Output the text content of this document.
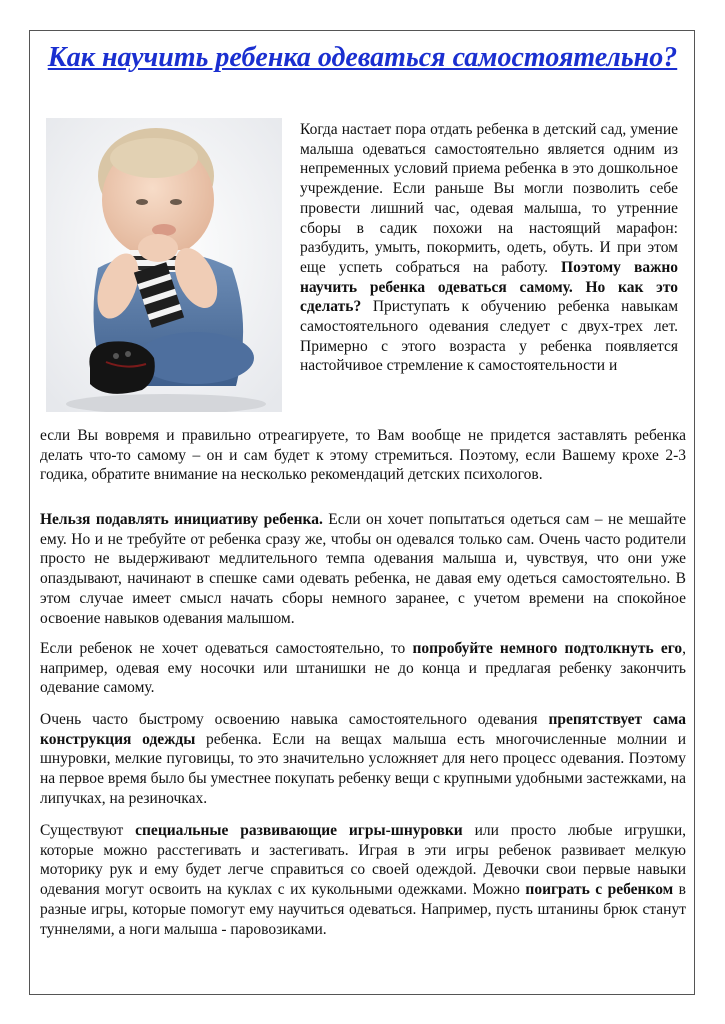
Как научить ребенка одеваться самостоятельно?

Когда настает пора отдать ребенка в детский сад, умение малыша одеваться самостоятельно является одним из непременных условий приема ребенка в это дошкольное учреждение. Если раньше Вы могли позволить себе провести лишний час, одевая малыша, то утренние сборы в садик похожи на настоящий марафон: разбудить, умыть, покормить, одеть, обуть. И при этом еще успеть собраться на работу. Поэтому важно научить ребенка одеваться самому. Но как это сделать? Приступать к обучению ребенка навыкам самостоятельного одевания следует с двух-трех лет. Примерно с этого возраста у ребенка появляется настойчивое стремление к самостоятельности и

если Вы вовремя и правильно отреагируете, то Вам вообще не придется заставлять ребенка делать что-то самому – он и сам будет к этому стремиться. Поэтому, если Вашему крохе 2-3 годика, обратите внимание на несколько рекомендаций детских психологов.

Нельзя подавлять инициативу ребенка. Если он хочет попытаться одеться сам – не мешайте ему. Но и не требуйте от ребенка сразу же, чтобы он одевался только сам. Очень часто родители просто не выдерживают медлительного темпа одевания малыша и, чувствуя, что они уже опаздывают, начинают в спешке сами одевать ребенка, не давая ему одеться самостоятельно. В этом случае имеет смысл начать сборы немного заранее, с учетом времени на спокойное освоение навыков одевания малышом.

Если ребенок не хочет одеваться самостоятельно, то попробуйте немного подтолкнуть его, например, одевая ему носочки или штанишки не до конца и предлагая ребенку закончить одевание самому.

Очень часто быстрому освоению навыка самостоятельного одевания препятствует сама конструкция одежды ребенка. Если на вещах малыша есть многочисленные молнии и шнуровки, мелкие пуговицы, то это значительно усложняет для него процесс одевания. Поэтому на первое время было бы уместнее покупать ребенку вещи с крупными удобными застежками, на липучках, на резиночках.

Существуют специальные развивающие игры-шнуровки или просто любые игрушки, которые можно расстегивать и застегивать. Играя в эти игры ребенок развивает мелкую моторику рук и ему будет легче справиться со своей одеждой. Девочки свои первые навыки одевания могут освоить на куклах с их кукольными одежками. Можно поиграть с ребенком в разные игры, которые помогут ему научиться одеваться. Например, пусть штанины брюк станут туннелями, а ноги малыша - паровозиками.
